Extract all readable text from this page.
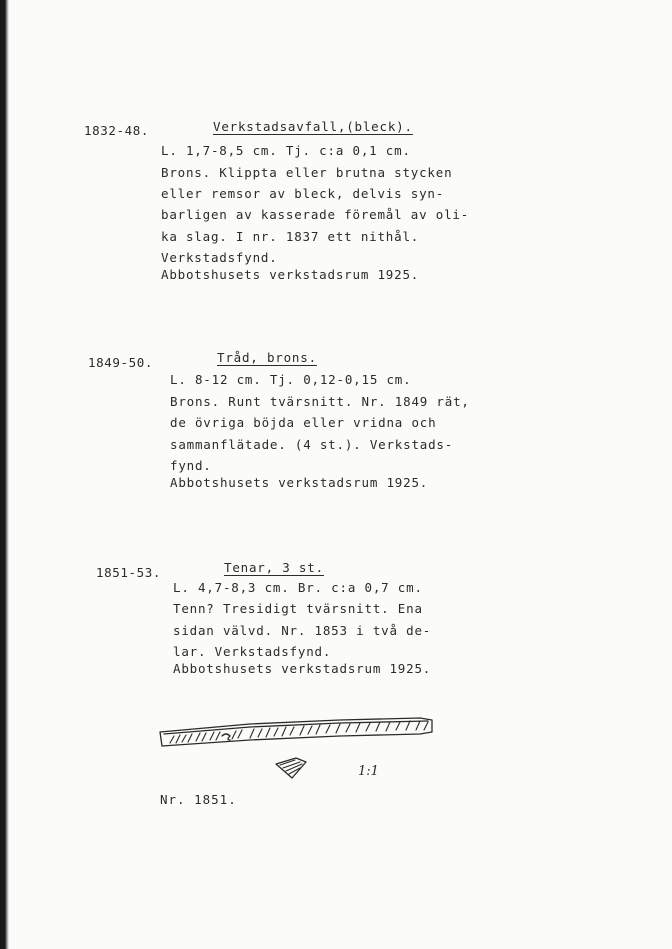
1832-48.	Verkstadsavfall,(bleck).
L. 1,7-8,5 cm. Tj. c:a 0,1 cm.
Brons. Klippta eller brutna stycken
eller remsor av bleck, delvis syn-
barligen av kasserade föremål av oli-
ka slag. I nr. 1837 ett nithål.
Verkstadsfynd.
Abbotshusets verkstadsrum 1925.
1849-50.	Tråd, brons.
L. 8-12 cm. Tj. 0,12-0,15 cm.
Brons. Runt tvärsnitt. Nr. 1849 rät,
de övriga böjda eller vridna och
sammanflätade. (4 st.). Verkstads-
fynd.
Abbotshusets verkstadsrum 1925.
1851-53.	Tenar, 3 st.
L. 4,7-8,3 cm. Br. c:a 0,7 cm.
Tenn? Tresidigt tvärsnitt. Ena
sidan välvd. Nr. 1853 i två de-
lar. Verkstadsfynd.
Abbotshusets verkstadsrum 1925.
1:1
Nr. 1851.
